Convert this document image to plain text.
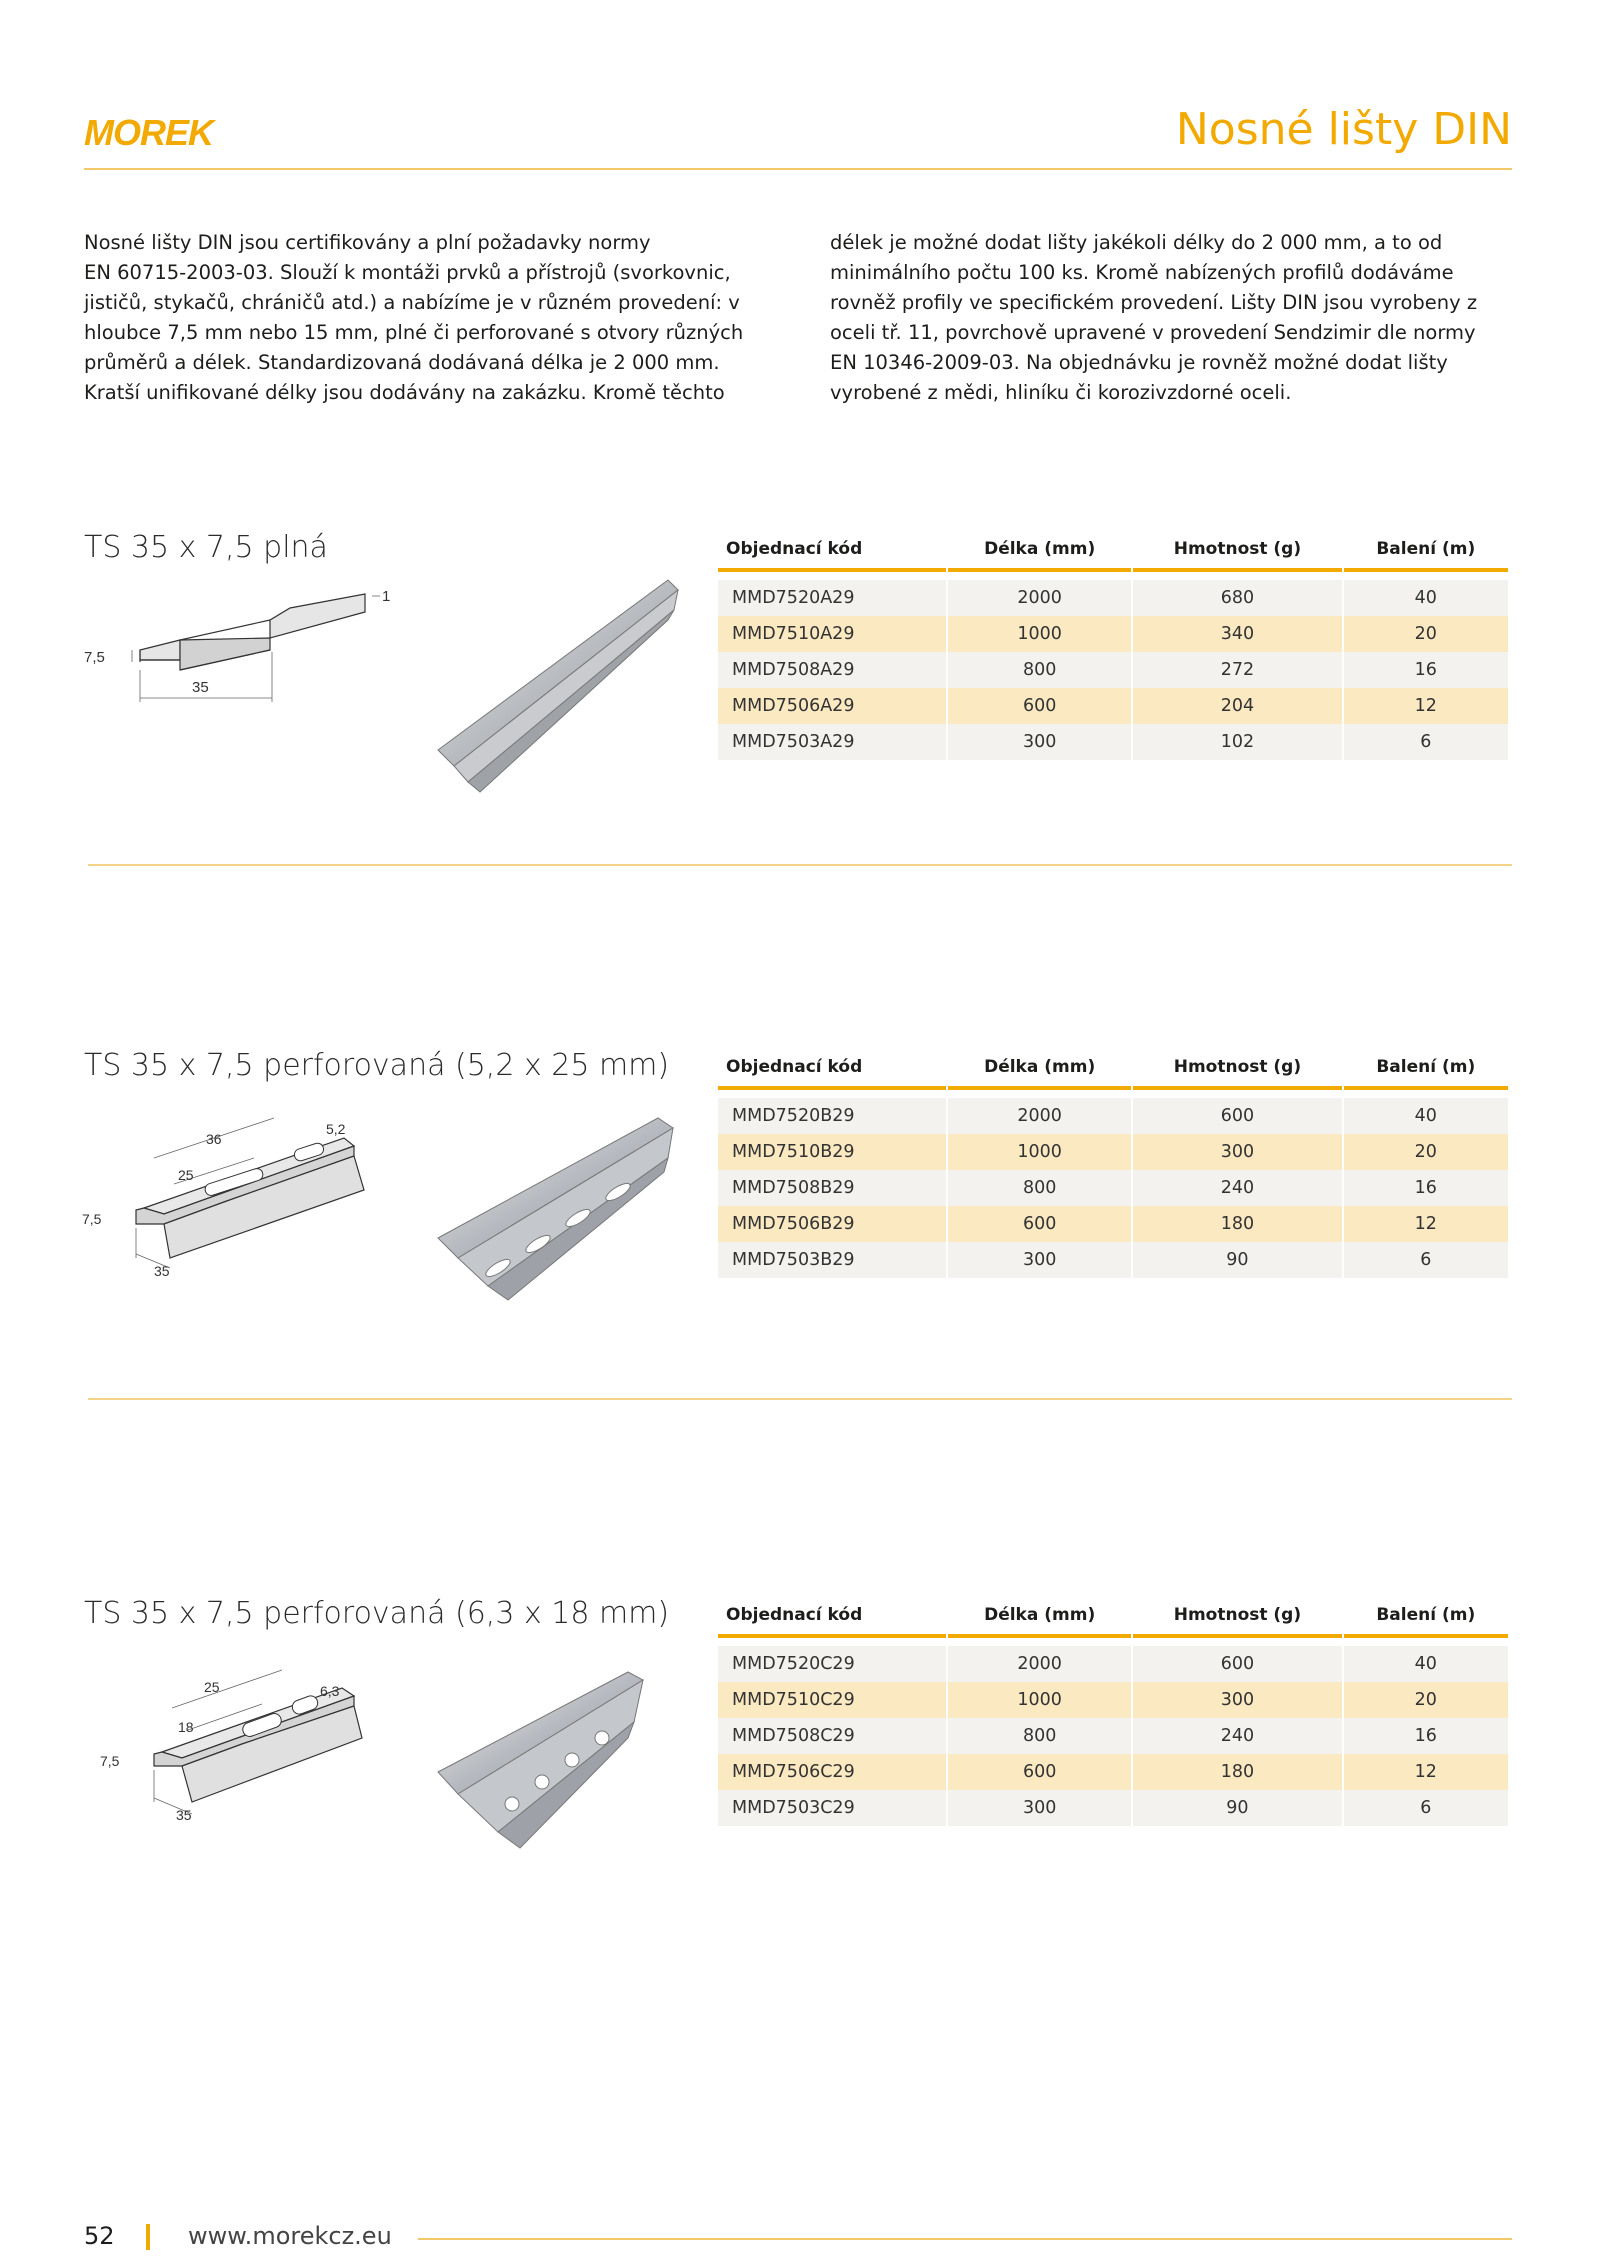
MOREK	Nosné lišty DIN
Nosné lišty DIN jsou certifikovány a plní požadavky normy
EN 60715-2003-03. Slouží k montáži prvků a přístrojů (svorkovnic,
jističů, stykačů, chráničů atd.) a nabízíme je v různém provedení: v
hloubce 7,5 mm nebo 15 mm, plné či perforované s otvory různých
průměrů a délek. Standardizovaná dodávaná délka je 2 000 mm.
Kratší unifikované délky jsou dodávány na zakázku. Kromě těchto
délek je možné dodat lišty jakékoli délky do 2 000 mm, a to od
minimálního počtu 100 ks. Kromě nabízených profilů dodáváme
rovněž profily ve specifickém provedení. Lišty DIN jsou vyrobeny z
oceli tř. 11, povrchově upravené v provedení Sendzimir dle normy
EN 10346-2009-03. Na objednávku je rovněž možné dodat lišty
vyrobené z mědi, hliníku či korozivzdorné oceli.
TS 35 x 7,5 plná
7,5
35
1
Objednací kód	Délka (mm)	Hmotnost (g)	Balení (m)
MMD7520A29	2000	680	40
MMD7510A29	1000	340	20
MMD7508A29	800	272	16
MMD7506A29	600	204	12
MMD7503A29	300	102	6
TS 35 x 7,5 perforovaná (5,2 x 25 mm)
36
25
5,2
7,5
35
Objednací kód	Délka (mm)	Hmotnost (g)	Balení (m)
MMD7520B29	2000	600	40
MMD7510B29	1000	300	20
MMD7508B29	800	240	16
MMD7506B29	600	180	12
MMD7503B29	300	90	6
TS 35 x 7,5 perforovaná (6,3 x 18 mm)
25
18
6,3
7,5
35
Objednací kód	Délka (mm)	Hmotnost (g)	Balení (m)
MMD7520C29	2000	600	40
MMD7510C29	1000	300	20
MMD7508C29	800	240	16
MMD7506C29	600	180	12
MMD7503C29	300	90	6
52	www.morekcz.eu
